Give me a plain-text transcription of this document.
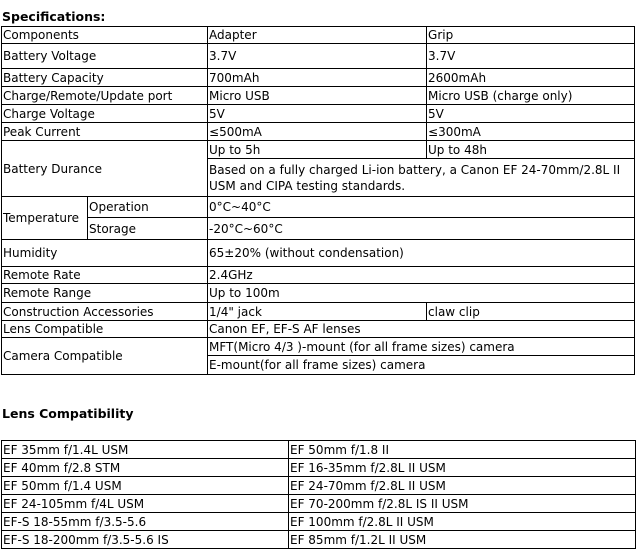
Specifications:
Components		Adapter	Grip
Battery Voltage		3.7V	3.7V
Battery Capacity		700mAh	2600mAh
Charge/Remote/Update port		Micro USB	Micro USB (charge only)
Charge Voltage		5V	5V
Peak Current		≤500mA	≤300mA
Battery Durance		Up to 5h	Up to 48h
		Based on a fully charged Li-ion battery, a Canon EF 24-70mm/2.8L II USM and CIPA testing standards.	
Temperature	Operation	0°C~40°C	
	Storage	-20°C~60°C	
Humidity		65±20% (without condensation)	
Remote Rate		2.4GHz	
Remote Range		Up to 100m	
Construction Accessories		1/4" jack	claw clip
Lens Compatible		Canon EF, EF-S AF lenses	
Camera Compatible		MFT(Micro 4/3 )-mount (for all frame sizes) camera	
		E-mount(for all frame sizes) camera	
Lens Compatibility
EF 35mm f/1.4L USM	EF 50mm f/1.8 II
EF 40mm f/2.8 STM	EF 16-35mm f/2.8L II USM
EF 50mm f/1.4 USM	EF 24-70mm f/2.8L II USM
EF 24-105mm f/4L USM	EF 70-200mm f/2.8L IS II USM
EF-S 18-55mm f/3.5-5.6	EF 100mm f/2.8L II USM
EF-S 18-200mm f/3.5-5.6 IS	EF 85mm f/1.2L II USM
